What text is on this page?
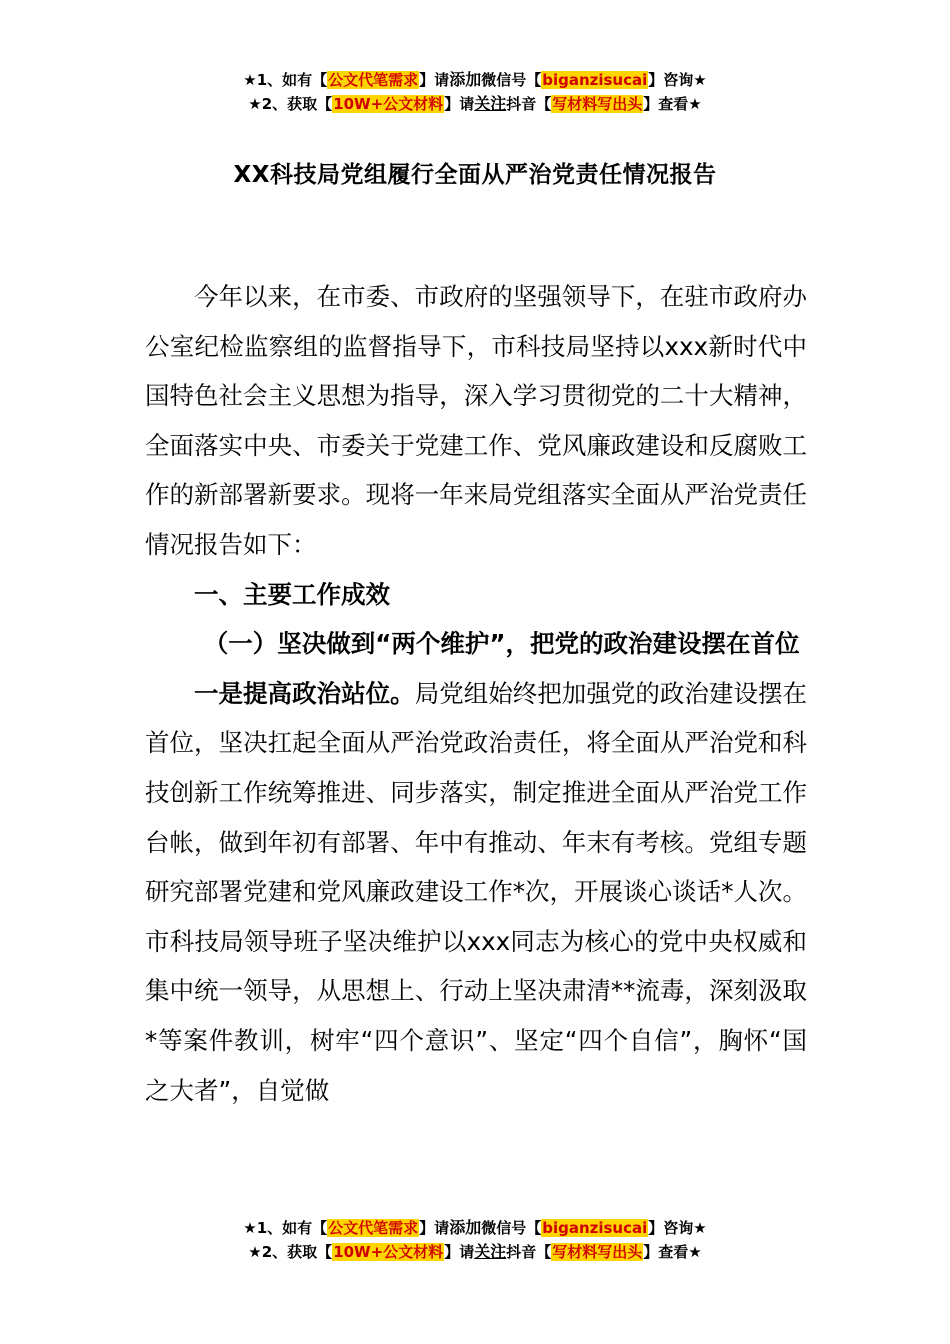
★1、如有【公文代笔需求】请添加微信号【biganzisucai】咨询★
★2、获取【10W+公文材料】请关注抖音【写材料写出头】查看★
XX科技局党组履行全面从严治党责任情况报告

今年以来，在市委、市政府的坚强领导下，在驻市政府办公室纪检监察组的监督指导下，市科技局坚持以xxx新时代中国特色社会主义思想为指导，深入学习贯彻党的二十大精神，全面落实中央、市委关于党建工作、党风廉政建设和反腐败工作的新部署新要求。现将一年来局党组落实全面从严治党责任情况报告如下：

一、主要工作成效

（一）坚决做到“两个维护”，把党的政治建设摆在首位

一是提高政治站位。局党组始终把加强党的政治建设摆在首位，坚决扛起全面从严治党政治责任，将全面从严治党和科技创新工作统筹推进、同步落实，制定推进全面从严治党工作台帐，做到年初有部署、年中有推动、年末有考核。党组专题研究部署党建和党风廉政建设工作*次，开展谈心谈话*人次。市科技局领导班子坚决维护以xxx同志为核心的党中央权威和集中统一领导，从思想上、行动上坚决肃清**流毒，深刻汲取*等案件教训，树牢“四个意识”、坚定“四个自信”，胸怀“国之大者”，自觉做

★1、如有【公文代笔需求】请添加微信号【biganzisucai】咨询★
★2、获取【10W+公文材料】请关注抖音【写材料写出头】查看★
